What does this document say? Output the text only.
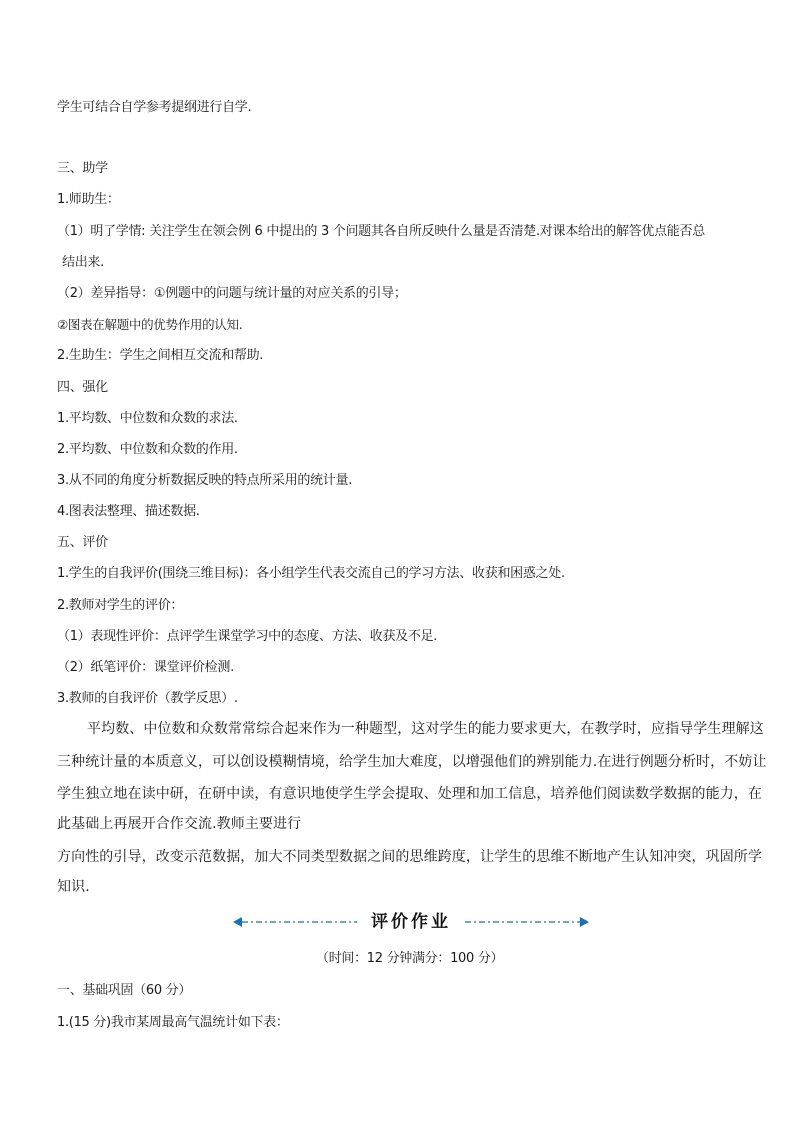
学生可结合自学参考提纲进行自学.
三、助学
1.师助生：
（1）明了学情: 关注学生在领会例 6 中提出的 3 个问题其各自所反映什么量是否清楚.对课本给出的解答优点能否总
结出来.
（2）差异指导：①例题中的问题与统计量的对应关系的引导；
②图表在解题中的优势作用的认知.
2.生助生：学生之间相互交流和帮助.
四、强化
1.平均数、中位数和众数的求法.
2.平均数、中位数和众数的作用.
3.从不同的角度分析数据反映的特点所采用的统计量.
4.图表法整理、描述数据.
五、评价
1.学生的自我评价(围绕三维目标)：各小组学生代表交流自己的学习方法、收获和困惑之处.
2.教师对学生的评价：
（1）表现性评价：点评学生课堂学习中的态度、方法、收获及不足.
（2）纸笔评价：课堂评价检测.
3.教师的自我评价（教学反思）.
平均数、中位数和众数常常综合起来作为一种题型，这对学生的能力要求更大，在教学时，应指导学生理解这
三种统计量的本质意义，可以创设模糊情境，给学生加大难度，以增强他们的辨别能力.在进行例题分析时，不妨让
学生独立地在读中研，在研中读，有意识地使学生学会提取、处理和加工信息，培养他们阅读数学数据的能力，在
此基础上再展开合作交流.教师主要进行
方向性的引导，改变示范数据，加大不同类型数据之间的思维跨度，让学生的思维不断地产生认知冲突，巩固所学
知识.
评价作业
（时间：12 分钟满分：100 分）
一、基础巩固（60 分）
1.(15 分)我市某周最高气温统计如下表：
